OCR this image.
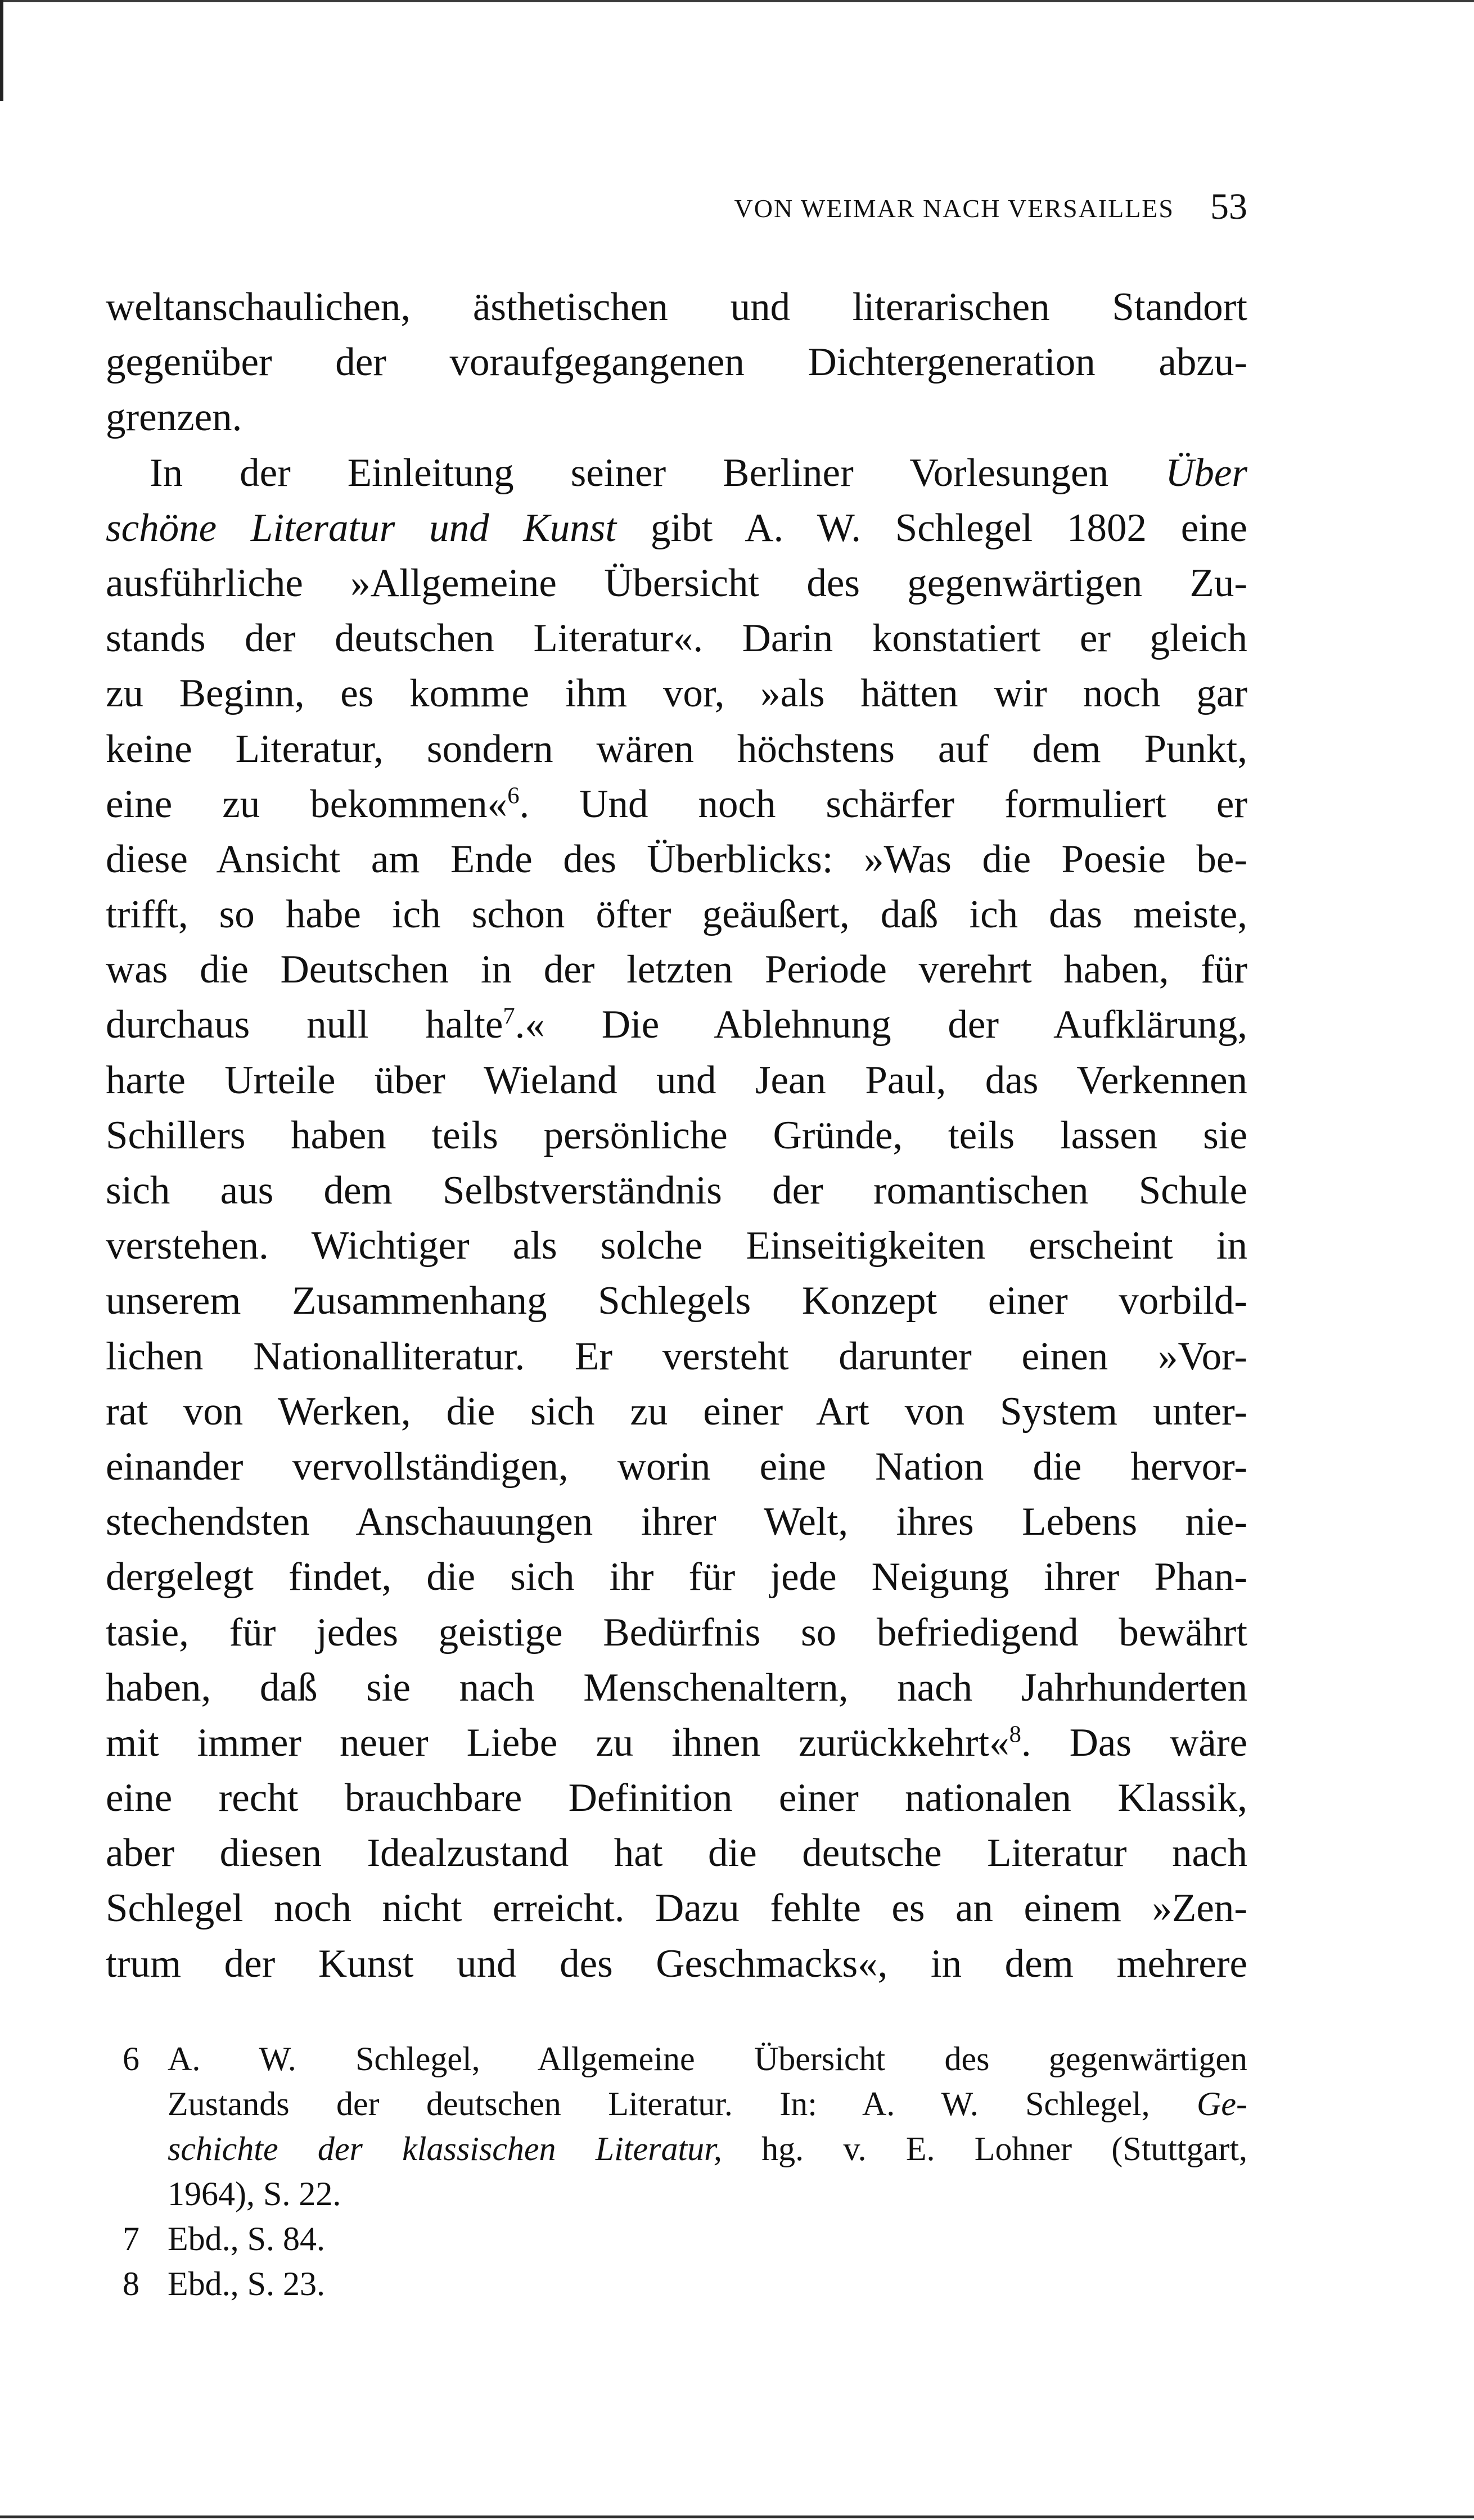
VON WEIMAR NACH VERSAILLES 53
weltanschaulichen, ästhetischen und literarischen Standort
gegenüber der voraufgegangenen Dichtergeneration abzu-
grenzen.
In der Einleitung seiner Berliner Vorlesungen Über
schöne Literatur und Kunst gibt A. W. Schlegel 1802 eine
ausführliche »Allgemeine Übersicht des gegenwärtigen Zu-
stands der deutschen Literatur«. Darin konstatiert er gleich
zu Beginn, es komme ihm vor, »als hätten wir noch gar
keine Literatur, sondern wären höchstens auf dem Punkt,
eine zu bekommen«$^6$. Und noch schärfer formuliert er
diese Ansicht am Ende des Überblicks: »Was die Poesie be-
trifft, so habe ich schon öfter geäußert, daß ich das meiste,
was die Deutschen in der letzten Periode verehrt haben, für
durchaus null halte$^7$.« Die Ablehnung der Aufklärung,
harte Urteile über Wieland und Jean Paul, das Verkennen
Schillers haben teils persönliche Gründe, teils lassen sie
sich aus dem Selbstverständnis der romantischen Schule
verstehen. Wichtiger als solche Einseitigkeiten erscheint in
unserem Zusammenhang Schlegels Konzept einer vorbild-
lichen Nationalliteratur. Er versteht darunter einen »Vor-
rat von Werken, die sich zu einer Art von System unter-
einander vervollständigen, worin eine Nation die hervor-
stechendsten Anschauungen ihrer Welt, ihres Lebens nie-
dergelegt findet, die sich ihr für jede Neigung ihrer Phan-
tasie, für jedes geistige Bedürfnis so befriedigend bewährt
haben, daß sie nach Menschenaltern, nach Jahrhunderten
mit immer neuer Liebe zu ihnen zurückkehrt«$^8$. Das wäre
eine recht brauchbare Definition einer nationalen Klassik,
aber diesen Idealzustand hat die deutsche Literatur nach
Schlegel noch nicht erreicht. Dazu fehlte es an einem »Zen-
trum der Kunst und des Geschmacks«, in dem mehrere
6 A. W. Schlegel, Allgemeine Übersicht des gegenwärtigen
Zustands der deutschen Literatur. In: A. W. Schlegel, Ge-
schichte der klassischen Literatur, hg. v. E. Lohner (Stuttgart,
1964), S. 22.
7 Ebd., S. 84.
8 Ebd., S. 23.
